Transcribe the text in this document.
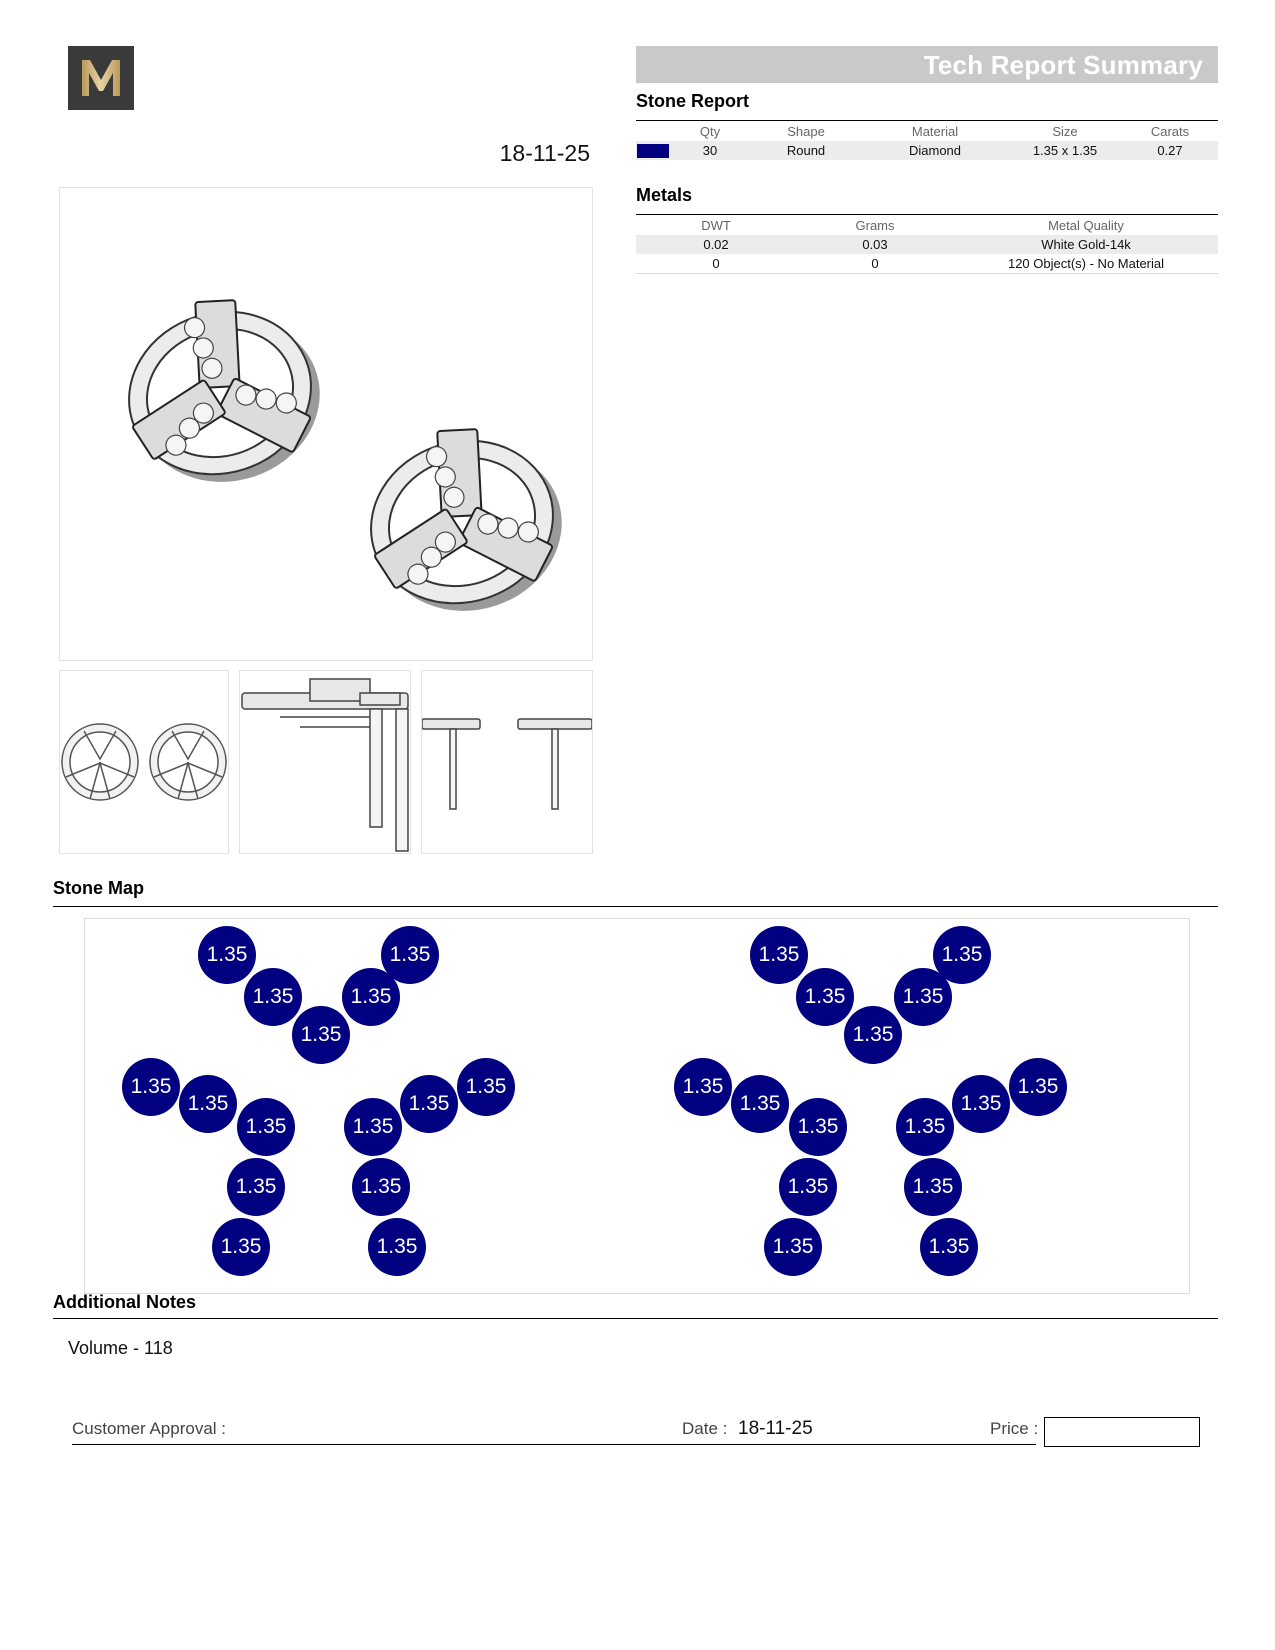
18-11-25
Tech Report Summary
Stone Report
	Qty	Shape	Material	Size	Carats
	30	Round	Diamond	1.35 x 1.35	0.27
Metals
DWT	Grams	Metal Quality
0.02	0.03	White Gold-14k
0	0	120 Object(s) - No Material
Stone Map
1.35	1.35
1.35	1.35
1.35
1.35
1.35
1.35	1.35
1.35
1.35
1.35	1.35
1.35	1.35
1.35	1.35
1.35	1.35
1.35
1.35
1.35
1.35	1.35
1.35
1.35
1.35	1.35
1.35	1.35
Additional Notes
Volume - 118
Customer Approval :	Date : 18-11-25	Price :
